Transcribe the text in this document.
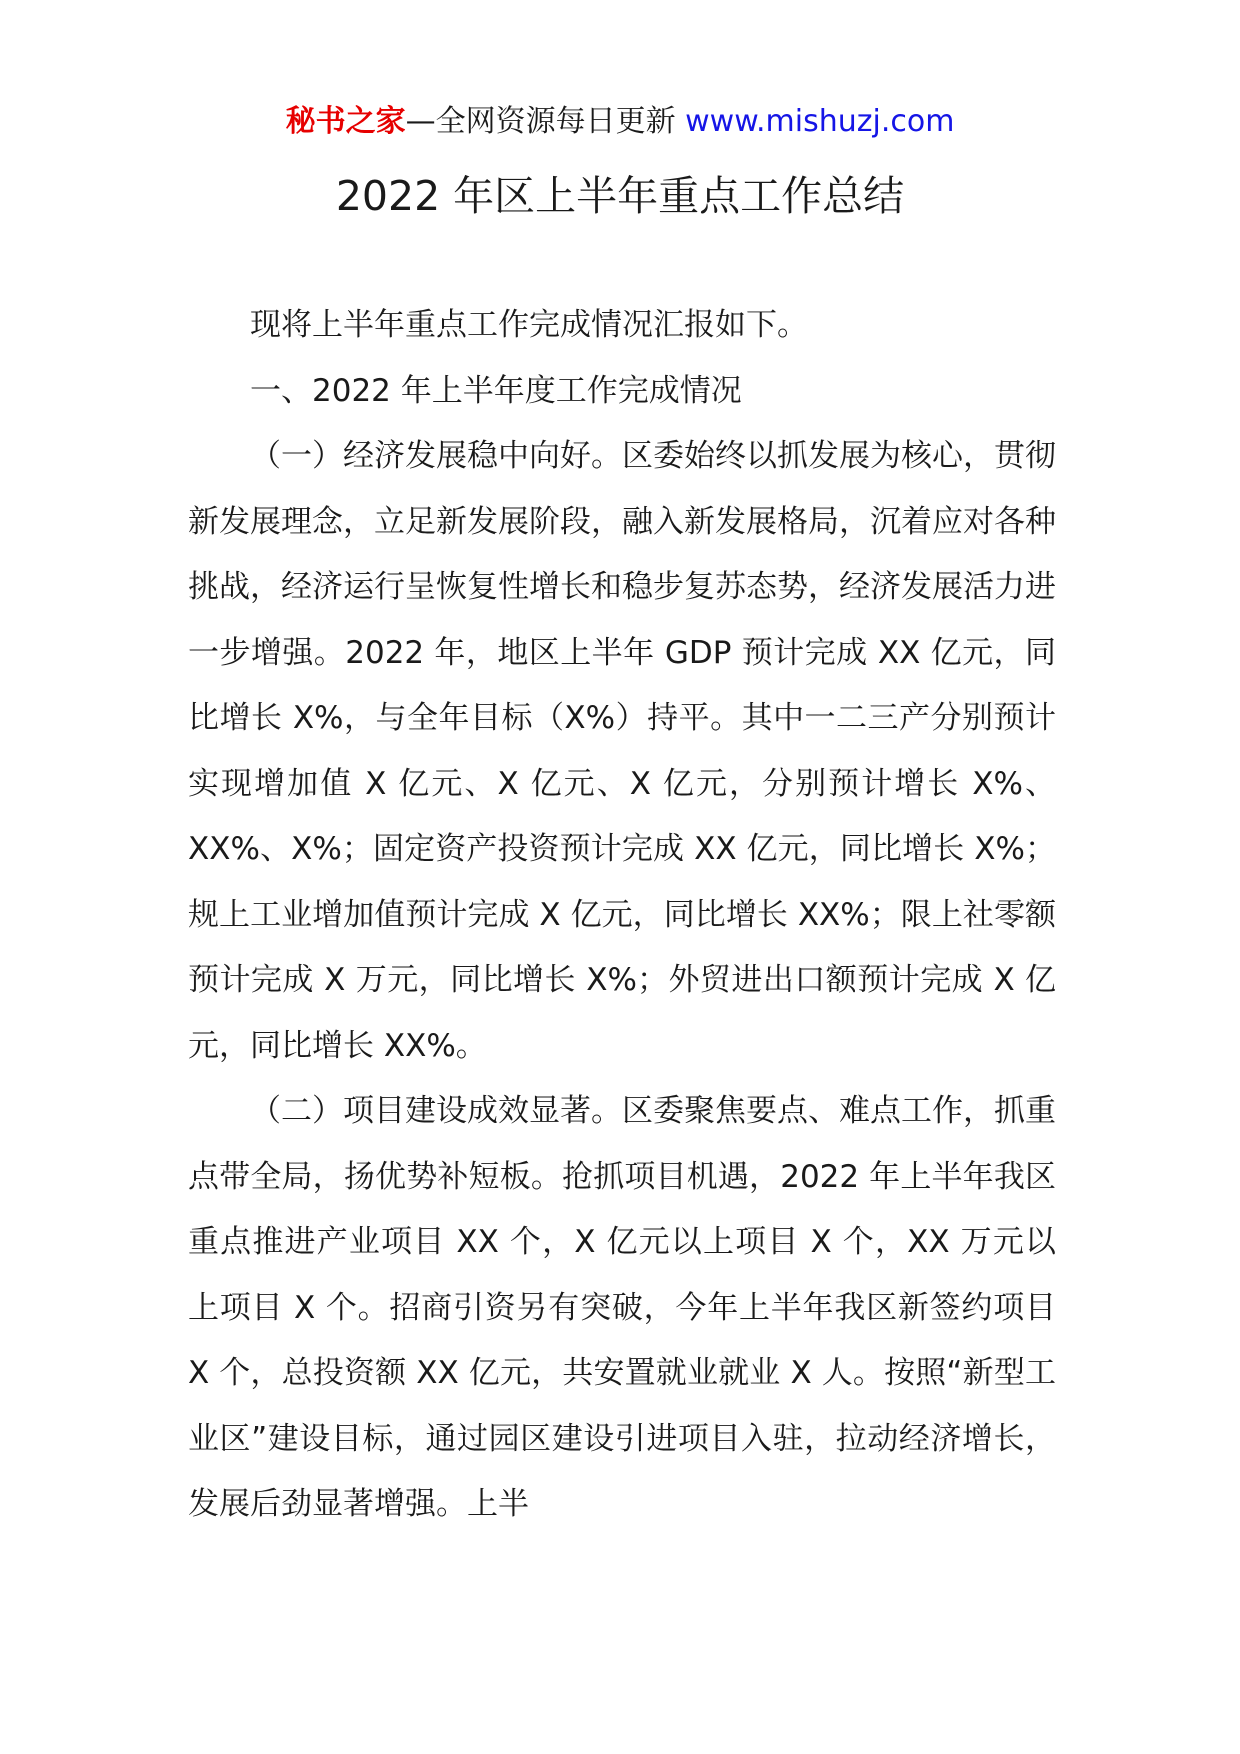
秘书之家—全网资源每日更新 www.mishuzj.com
2022 年区上半年重点工作总结

现将上半年重点工作完成情况汇报如下。

一、2022 年上半年度工作完成情况

（一）经济发展稳中向好。区委始终以抓发展为核心，贯彻新发展理念，立足新发展阶段，融入新发展格局，沉着应对各种挑战，经济运行呈恢复性增长和稳步复苏态势，经济发展活力进一步增强。2022 年，地区上半年 GDP 预计完成 XX 亿元，同比增长 X%，与全年目标（X%）持平。其中一二三产分别预计实现增加值 X 亿元、X 亿元、X 亿元，分别预计增长 X%、XX%、X%；固定资产投资预计完成 XX 亿元，同比增长 X%；规上工业增加值预计完成 X 亿元，同比增长 XX%；限上社零额预计完成 X 万元，同比增长 X%；外贸进出口额预计完成 X 亿元，同比增长 XX%。

（二）项目建设成效显著。区委聚焦要点、难点工作，抓重点带全局，扬优势补短板。抢抓项目机遇，2022 年上半年我区重点推进产业项目 XX 个，X 亿元以上项目 X 个，XX 万元以上项目 X 个。招商引资另有突破，今年上半年我区新签约项目 X 个，总投资额 XX 亿元，共安置就业就业 X 人。按照“新型工业区”建设目标，通过园区建设引进项目入驻，拉动经济增长，发展后劲显著增强。上半
